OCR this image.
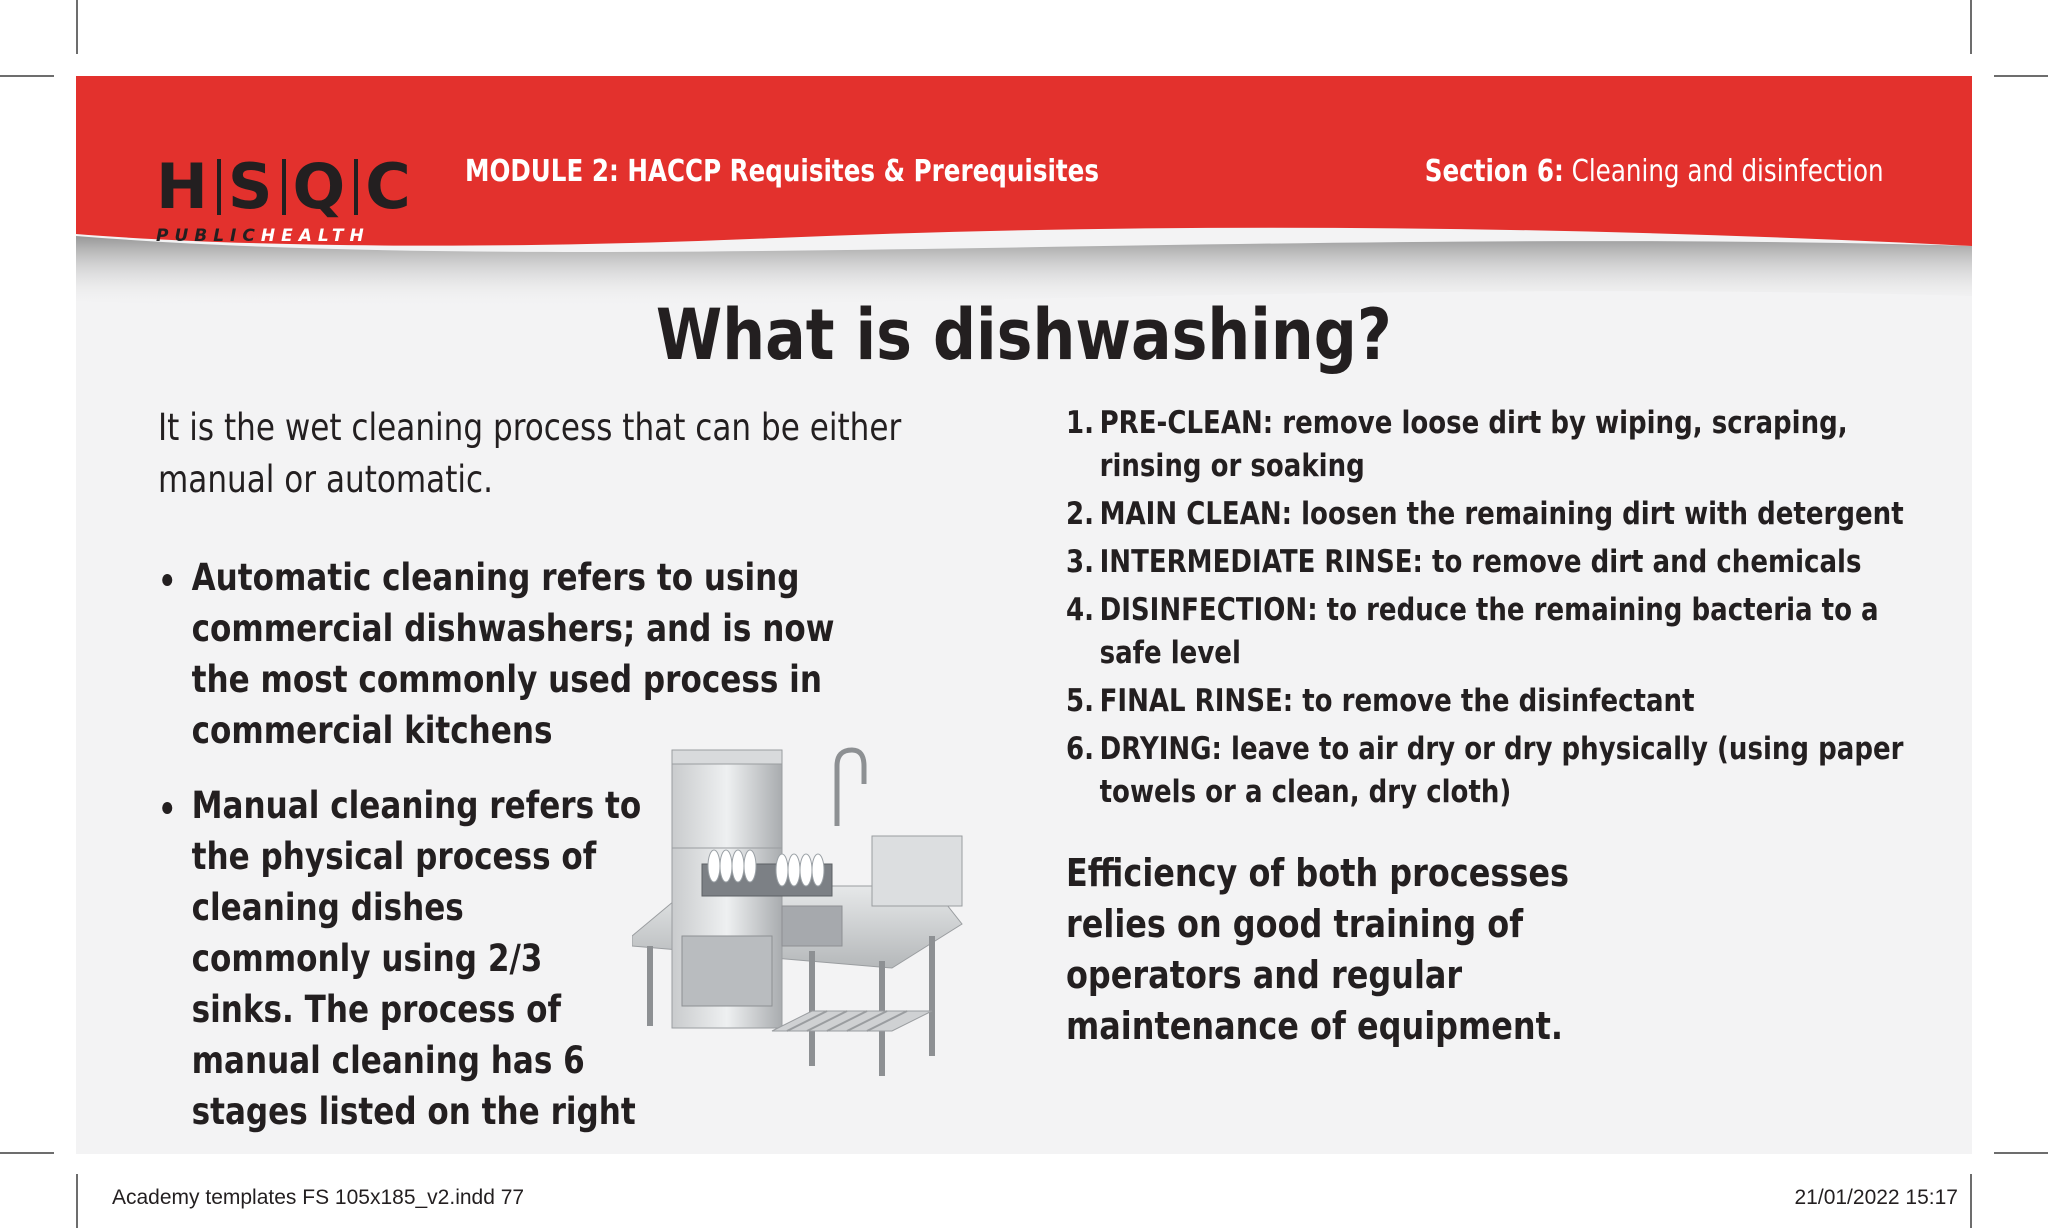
H S Q C
PUBLICHEALTH
MODULE 2: HACCP Requisites & Prerequisites	Section 6: Cleaning and disinfection
What is dishwashing?
It is the wet cleaning process that can be either manual or automatic.
Automatic cleaning refers to using commercial dishwashers; and is now the most commonly used process in commercial kitchens
Manual cleaning refers to the physical process of cleaning dishes commonly using 2/3 sinks. The process of manual cleaning has 6 stages listed on the right
1. PRE-CLEAN: remove loose dirt by wiping, scraping, rinsing or soaking
2. MAIN CLEAN: loosen the remaining dirt with detergent
3. INTERMEDIATE RINSE: to remove dirt and chemicals
4. DISINFECTION: to reduce the remaining bacteria to a safe level
5. FINAL RINSE: to remove the disinfectant
6. DRYING: leave to air dry or dry physically (using paper towels or a clean, dry cloth)
Efficiency of both processes relies on good training of operators and regular maintenance of equipment.
Academy templates FS 105x185_v2.indd 77	21/01/2022 15:17
